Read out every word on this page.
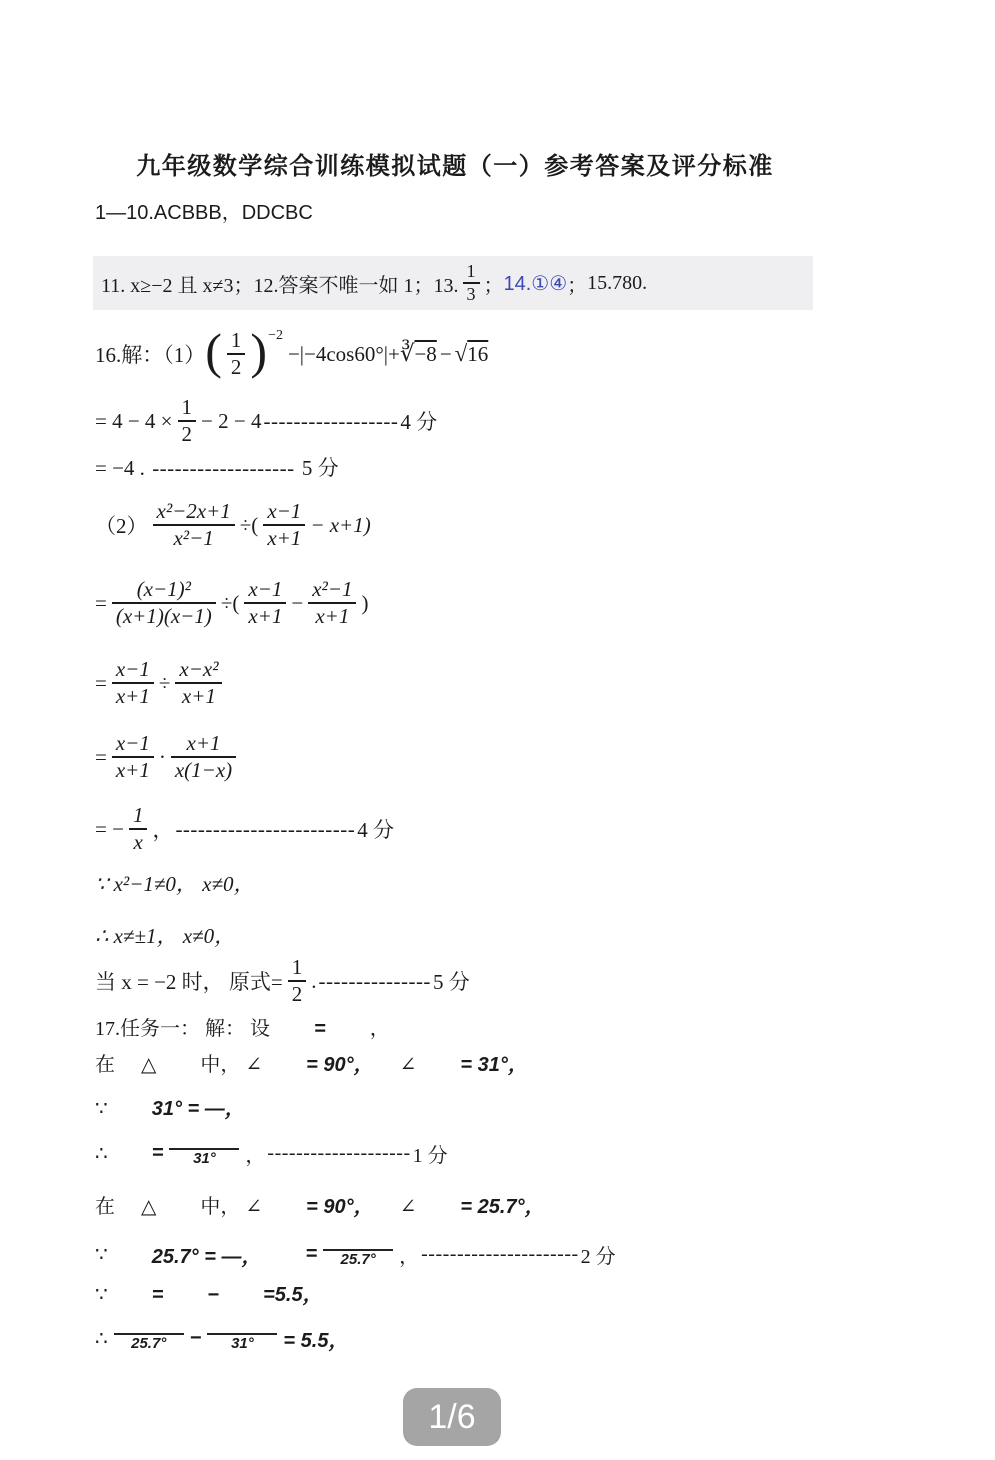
九年级数学综合训练模拟试题（一）参考答案及评分标准

1—10.ACBBB，DDCBC

11. x≥−2 且 x≠3；12.答案不唯一如 1；13. $\frac{1}{3}$ ； 14.①④ ； 15.780.
16.解：（1） ( $\frac{1}{2} )^{-2}$
−|−4cos60°|+ ∛ −8 − √ 16
= $4 - 4 \times \frac{1}{2} - 2 - 4$ ------------------ 4 分
= −4 . ------------------- 5 分
$(2) \frac{\text{x²−2x+1}}{\text{x²−1}}$ ÷( $\frac{x-1}{x+1} - x+1$)
= $\frac{\text{(x−1)²}}{(x+1)(x-1)}$ ÷( $\frac{x-1}{x+1} - \frac{\text{x²−1}}{x+1}$ )
= $\frac{x-1}{x+1} \div \frac{\text{x−x²}}{x+1}$
= $\frac{x-1}{x+1} \cdot \frac{x+1}{x(1-x)}$
= − $\frac{1}{x}$ ， ------------------------ 4 分

∵ x²−1≠0， x≠0，

∴ x≠±1， x≠0，

当 x = −2 时， 原式= $\frac{1}{2}$ . --------------- 5 分
17.任务一： 解： 设 = ，
在 △ 中， ∠ = 90°， ∠ = 31°，
∵ 31° = —，
∴ = 31° ， -------------------- 1 分
在 △ 中， ∠ = 90°， ∠ = 25.7°，
∵ 25.7° = —， = 25.7° ， ---------------------- 2 分
∵ = − =5.5，
∴ 25.7° − 31° = 5.5，
1/6
